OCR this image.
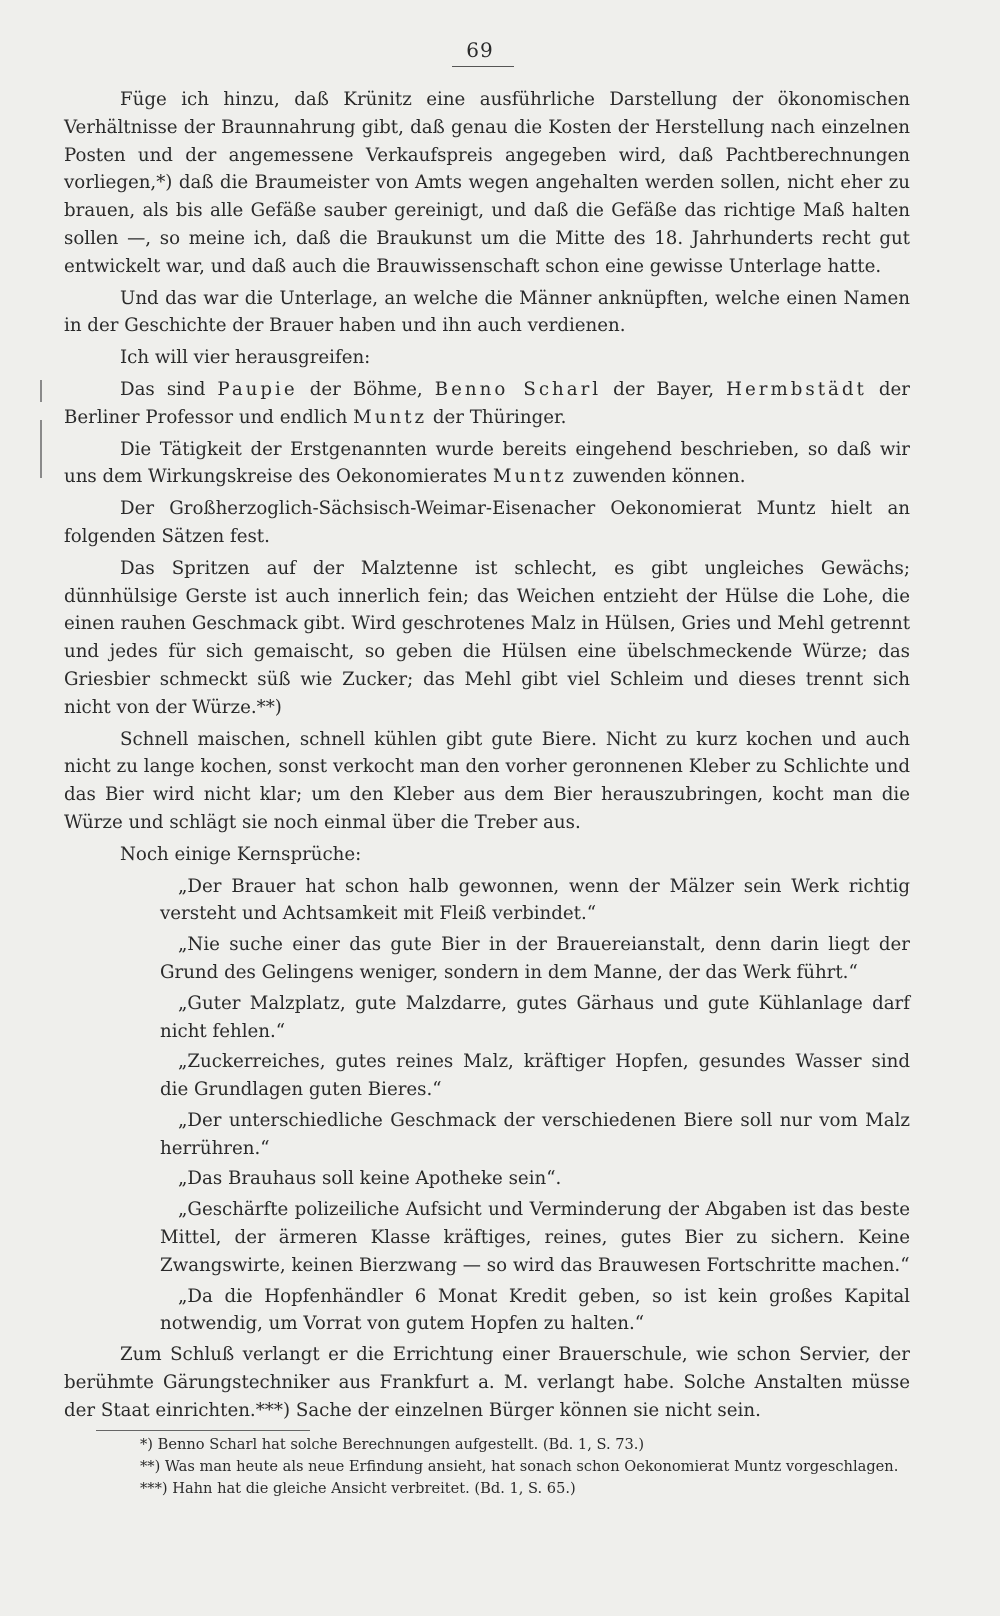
69

Füge ich hinzu, daß Krünitz eine ausführliche Darstellung der ökonomischen Verhältnisse der Braunnahrung gibt, daß genau die Kosten der Herstellung nach einzelnen Posten und der angemessene Verkaufspreis angegeben wird, daß Pachtberechnungen vorliegen,*) daß die Braumeister von Amts wegen angehalten werden sollen, nicht eher zu brauen, als bis alle Gefäße sauber gereinigt, und daß die Gefäße das richtige Maß halten sollen —, so meine ich, daß die Braukunst um die Mitte des 18. Jahrhunderts recht gut entwickelt war, und daß auch die Brauwissenschaft schon eine gewisse Unterlage hatte.

Und das war die Unterlage, an welche die Männer anknüpften, welche einen Namen in der Geschichte der Brauer haben und ihn auch verdienen.

Ich will vier herausgreifen:

Das sind Paupie der Böhme, Benno Scharl der Bayer, Hermbstädt der Berliner Professor und endlich Muntz der Thüringer.

Die Tätigkeit der Erstgenannten wurde bereits eingehend beschrieben, so daß wir uns dem Wirkungskreise des Oekonomierates Muntz zuwenden können.

Der Großherzoglich-Sächsisch-Weimar-Eisenacher Oekonomierat Muntz hielt an folgenden Sätzen fest.

Das Spritzen auf der Malztenne ist schlecht, es gibt ungleiches Gewächs; dünnhülsige Gerste ist auch innerlich fein; das Weichen entzieht der Hülse die Lohe, die einen rauhen Geschmack gibt. Wird geschrotenes Malz in Hülsen, Gries und Mehl getrennt und jedes für sich gemaischt, so geben die Hülsen eine übelschmeckende Würze; das Griesbier schmeckt süß wie Zucker; das Mehl gibt viel Schleim und dieses trennt sich nicht von der Würze.**)

Schnell maischen, schnell kühlen gibt gute Biere. Nicht zu kurz kochen und auch nicht zu lange kochen, sonst verkocht man den vorher geronnenen Kleber zu Schlichte und das Bier wird nicht klar; um den Kleber aus dem Bier herauszubringen, kocht man die Würze und schlägt sie noch einmal über die Treber aus.

Noch einige Kernsprüche:

„Der Brauer hat schon halb gewonnen, wenn der Mälzer sein Werk richtig versteht und Achtsamkeit mit Fleiß verbindet.“

„Nie suche einer das gute Bier in der Brauereianstalt, denn darin liegt der Grund des Gelingens weniger, sondern in dem Manne, der das Werk führt.“

„Guter Malzplatz, gute Malzdarre, gutes Gärhaus und gute Kühlanlage darf nicht fehlen.“

„Zuckerreiches, gutes reines Malz, kräftiger Hopfen, gesundes Wasser sind die Grundlagen guten Bieres.“

„Der unterschiedliche Geschmack der verschiedenen Biere soll nur vom Malz herrühren.“

„Das Brauhaus soll keine Apotheke sein“.

„Geschärfte polizeiliche Aufsicht und Verminderung der Abgaben ist das beste Mittel, der ärmeren Klasse kräftiges, reines, gutes Bier zu sichern. Keine Zwangswirte, keinen Bierzwang — so wird das Brauwesen Fortschritte machen.“

„Da die Hopfenhändler 6 Monat Kredit geben, so ist kein großes Kapital notwendig, um Vorrat von gutem Hopfen zu halten.“

Zum Schluß verlangt er die Errichtung einer Brauerschule, wie schon Servier, der berühmte Gärungstechniker aus Frankfurt a. M. verlangt habe. Solche Anstalten müsse der Staat einrichten.***) Sache der einzelnen Bürger können sie nicht sein.

*) Benno Scharl hat solche Berechnungen aufgestellt. (Bd. 1, S. 73.)

**) Was man heute als neue Erfindung ansieht, hat sonach schon Oekonomierat Muntz vorgeschlagen.

***) Hahn hat die gleiche Ansicht verbreitet. (Bd. 1, S. 65.)
